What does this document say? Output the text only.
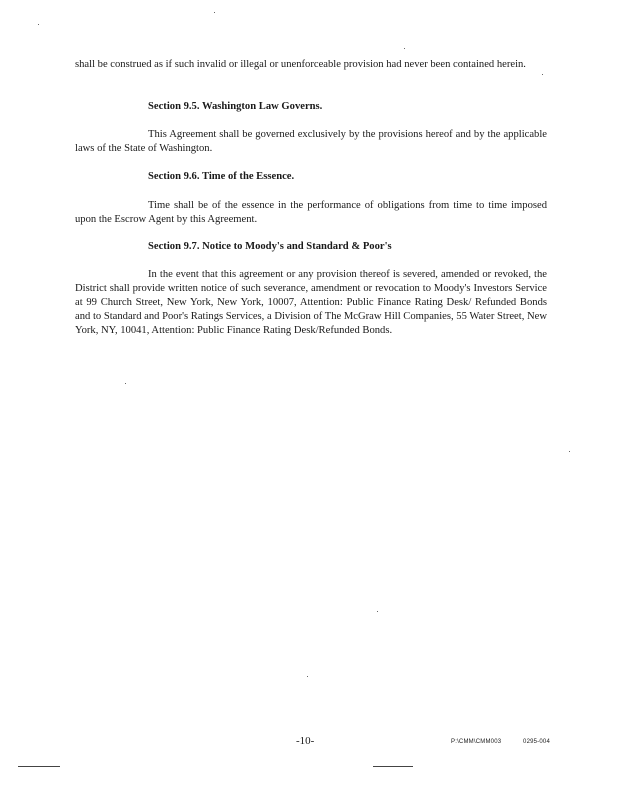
shall be construed as if such invalid or illegal or unenforceable provision had never been contained herein.

Section 9.5. Washington Law Governs.

This Agreement shall be governed exclusively by the provisions hereof and by the applicable laws of the State of Washington.

Section 9.6. Time of the Essence.

Time shall be of the essence in the performance of obligations from time to time imposed upon the Escrow Agent by this Agreement.

Section 9.7. Notice to Moody's and Standard & Poor's

In the event that this agreement or any provision thereof is severed, amended or revoked, the District shall provide written notice of such severance, amendment or revocation to Moody's Investors Service at 99 Church Street, New York, New York, 10007, Attention: Public Finance Rating Desk/ Refunded Bonds and to Standard and Poor's Ratings Services, a Division of The McGraw Hill Companies, 55 Water Street, New York, NY, 10041, Attention: Public Finance Rating Desk/Refunded Bonds.

-10-	P:\CMM\CMM003	0295-004
